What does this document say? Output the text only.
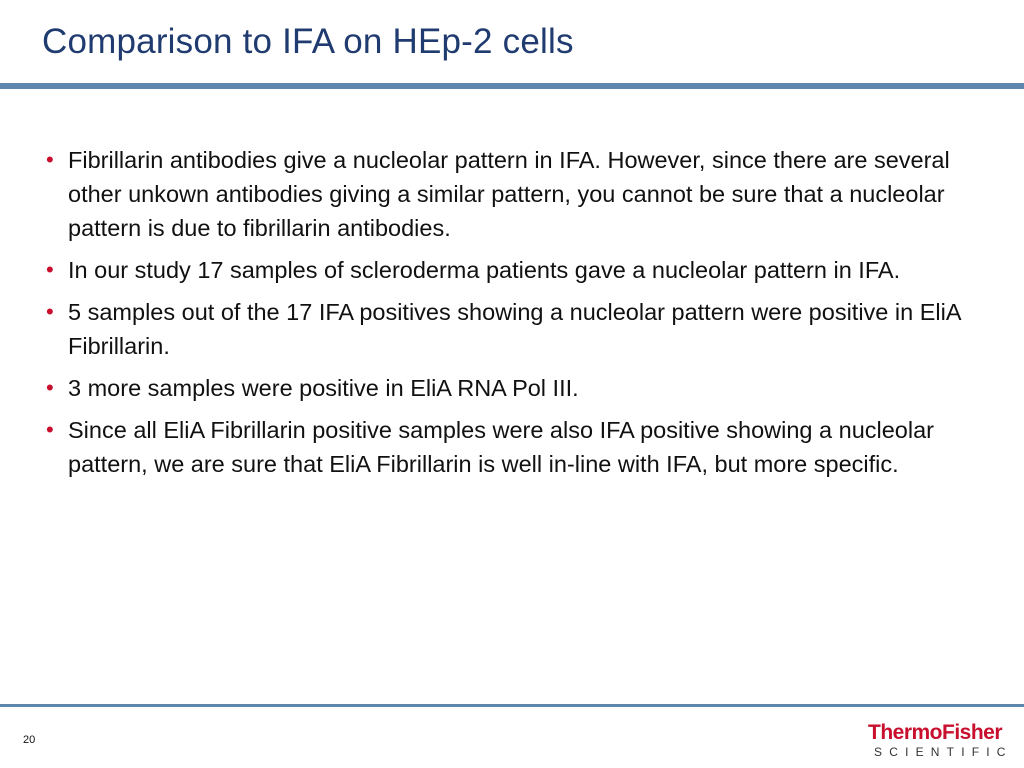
Comparison to IFA on HEp-2 cells
• Fibrillarin antibodies give a nucleolar pattern in IFA. However, since there are several other unkown antibodies giving a similar pattern, you cannot be sure that a nucleolar pattern is due to fibrillarin antibodies.
• In our study 17 samples of scleroderma patients gave a nucleolar pattern in IFA.
• 5 samples out of the 17 IFA positives showing a nucleolar pattern were positive in EliA Fibrillarin.
• 3 more samples were positive in EliA RNA Pol III.
• Since all EliA Fibrillarin positive samples were also IFA positive showing a nucleolar pattern, we are sure that EliA Fibrillarin is well in-line with IFA, but more specific.
20	ThermoFisher
SCIENTIFIC
